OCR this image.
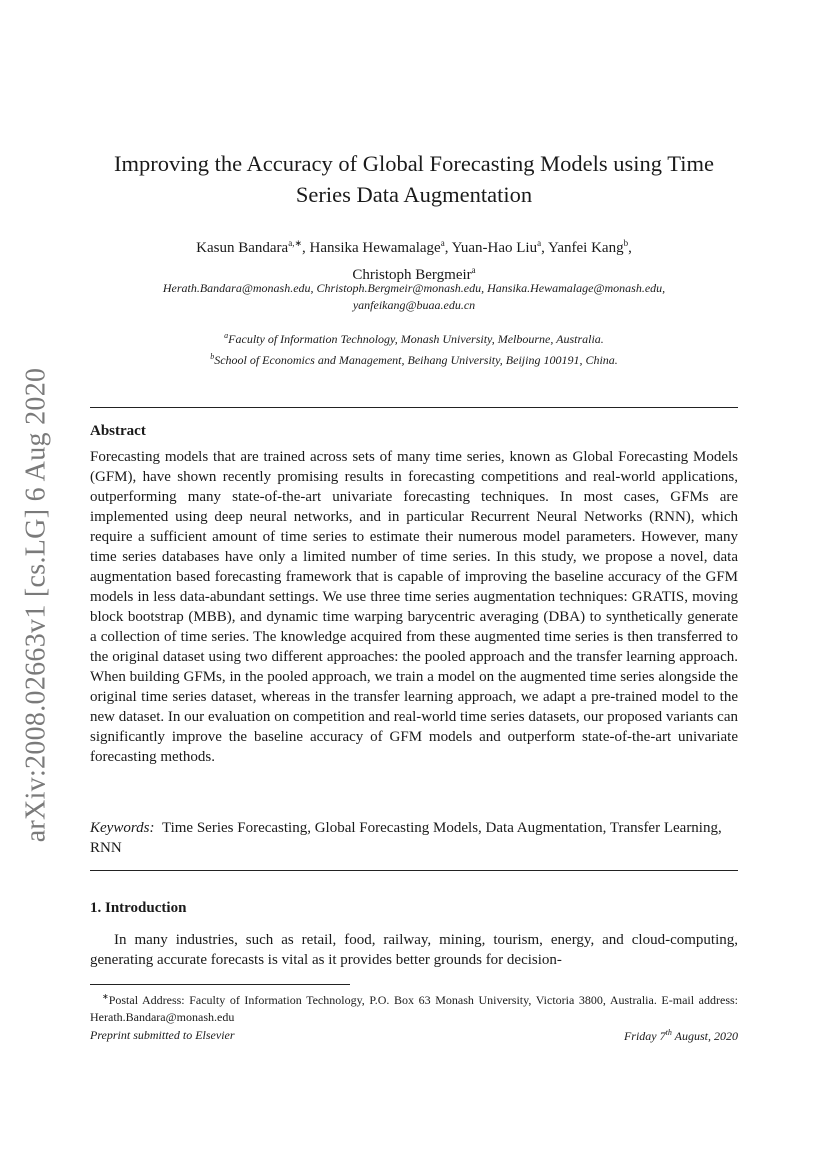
arXiv:2008.02663v1 [cs.LG] 6 Aug 2020
Improving the Accuracy of Global Forecasting Models using Time
Series Data Augmentation
Kasun Bandara$^{a,∗}$, Hansika Hewamalage$^a$, Yuan-Hao Liu$^a$, Yanfei Kang$^b$,
Christoph Bergmeir$^a$
Herath.Bandara@monash.edu, Christoph.Bergmeir@monash.edu, Hansika.Hewamalage@monash.edu,
yanfeikang@buaa.edu.cn
$^a$Faculty of Information Technology, Monash University, Melbourne, Australia.
$^b$School of Economics and Management, Beihang University, Beijing 100191, China.
Abstract
Forecasting models that are trained across sets of many time series, known as Global Forecasting Models (GFM), have shown recently promising results in forecasting competitions and real-world applications, outperforming many state-of-the-art univariate forecasting techniques. In most cases, GFMs are implemented using deep neural networks, and in particular Recurrent Neural Networks (RNN), which require a sufficient amount of time series to estimate their numerous model parameters. However, many time series databases have only a limited number of time series. In this study, we propose a novel, data augmentation based forecasting framework that is capable of improving the baseline accuracy of the GFM models in less data-abundant settings. We use three time series augmentation techniques: GRATIS, moving block bootstrap (MBB), and dynamic time warping barycentric averaging (DBA) to synthetically generate a collection of time series. The knowledge acquired from these augmented time series is then transferred to the original dataset using two different approaches: the pooled approach and the transfer learning approach. When building GFMs, in the pooled approach, we train a model on the augmented time series alongside the original time series dataset, whereas in the transfer learning approach, we adapt a pre-trained model to the new dataset. In our evaluation on competition and real-world time series datasets, our proposed variants can significantly improve the baseline accuracy of GFM models and outperform state-of-the-art univariate forecasting methods.
Keywords: Time Series Forecasting, Global Forecasting Models, Data Augmentation, Transfer Learning, RNN
1. Introduction
In many industries, such as retail, food, railway, mining, tourism, energy, and cloud-computing, generating accurate forecasts is vital as it provides better grounds for decision-
∗Postal Address: Faculty of Information Technology, P.O. Box 63 Monash University, Victoria 3800, Australia. E-mail address: Herath.Bandara@monash.edu
Preprint submitted to Elsevier	Friday 7th August, 2020
